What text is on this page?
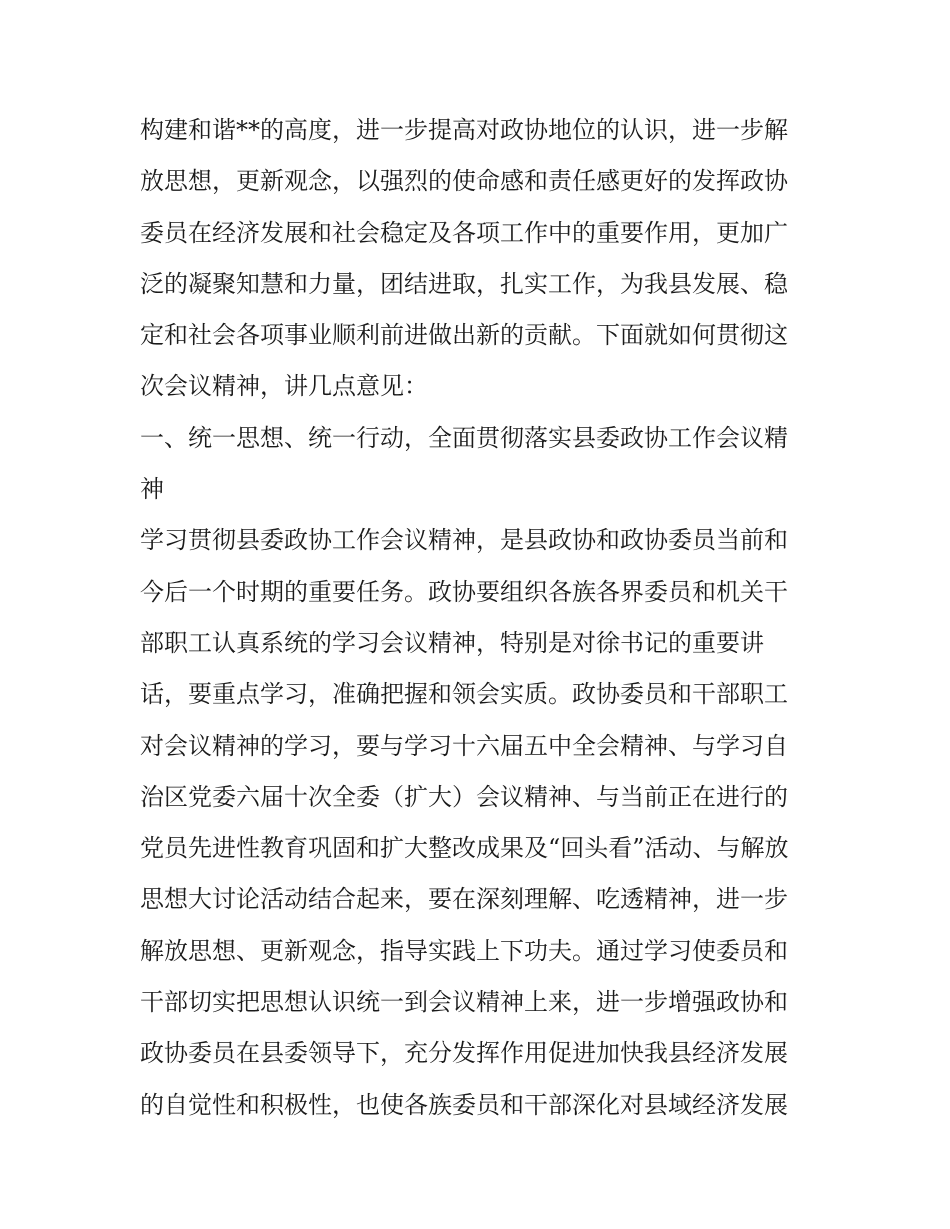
构建和谐**的高度，进一步提高对政协地位的认识，进一步解
放思想，更新观念，以强烈的使命感和责任感更好的发挥政协
委员在经济发展和社会稳定及各项工作中的重要作用，更加广
泛的凝聚知慧和力量，团结进取，扎实工作，为我县发展、稳
定和社会各项事业顺利前进做出新的贡献。下面就如何贯彻这
次会议精神，讲几点意见：
一、统一思想、统一行动，全面贯彻落实县委政协工作会议精
神
学习贯彻县委政协工作会议精神，是县政协和政协委员当前和
今后一个时期的重要任务。政协要组织各族各界委员和机关干
部职工认真系统的学习会议精神，特别是对徐书记的重要讲
话，要重点学习，准确把握和领会实质。政协委员和干部职工
对会议精神的学习，要与学习十六届五中全会精神、与学习自
治区党委六届十次全委（扩大）会议精神、与当前正在进行的
党员先进性教育巩固和扩大整改成果及“回头看”活动、与解放
思想大讨论活动结合起来，要在深刻理解、吃透精神，进一步
解放思想、更新观念，指导实践上下功夫。通过学习使委员和
干部切实把思想认识统一到会议精神上来，进一步增强政协和
政协委员在县委领导下，充分发挥作用促进加快我县经济发展
的自觉性和积极性，也使各族委员和干部深化对县域经济发展
